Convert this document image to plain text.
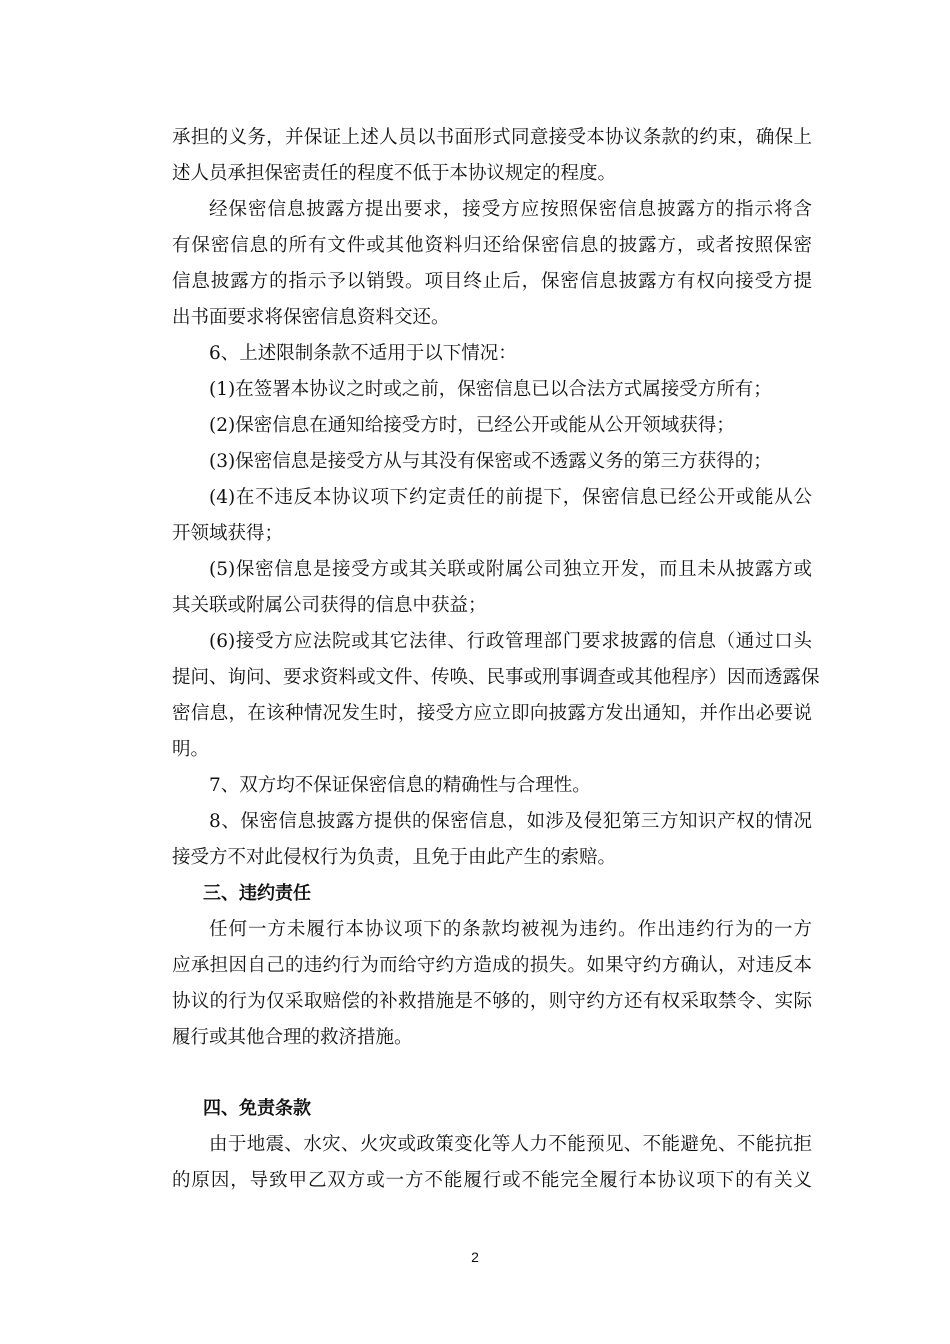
承担的义务，并保证上述人员以书面形式同意接受本协议条款的约束，确保上
述人员承担保密责任的程度不低于本协议规定的程度。
经保密信息披露方提出要求，接受方应按照保密信息披露方的指示将含
有保密信息的所有文件或其他资料归还给保密信息的披露方，或者按照保密
信息披露方的指示予以销毁。项目终止后，保密信息披露方有权向接受方提
出书面要求将保密信息资料交还。
6、上述限制条款不适用于以下情况：
(1)在签署本协议之时或之前，保密信息已以合法方式属接受方所有；
(2)保密信息在通知给接受方时，已经公开或能从公开领域获得；
(3)保密信息是接受方从与其没有保密或不透露义务的第三方获得的；
(4)在不违反本协议项下约定责任的前提下，保密信息已经公开或能从公
开领域获得；
(5)保密信息是接受方或其关联或附属公司独立开发，而且未从披露方或
其关联或附属公司获得的信息中获益；
(6)接受方应法院或其它法律、行政管理部门要求披露的信息（通过口头
提问、询问、要求资料或文件、传唤、民事或刑事调查或其他程序）因而透露保
密信息，在该种情况发生时，接受方应立即向披露方发出通知，并作出必要说
明。
7、双方均不保证保密信息的精确性与合理性。
8、保密信息披露方提供的保密信息，如涉及侵犯第三方知识产权的情况
接受方不对此侵权行为负责，且免于由此产生的索赔。
三、违约责任
任何一方未履行本协议项下的条款均被视为违约。作出违约行为的一方
应承担因自己的违约行为而给守约方造成的损失。如果守约方确认，对违反本
协议的行为仅采取赔偿的补救措施是不够的，则守约方还有权采取禁令、实际
履行或其他合理的救济措施。
四、免责条款
由于地震、水灾、火灾或政策变化等人力不能预见、不能避免、不能抗拒
的原因，导致甲乙双方或一方不能履行或不能完全履行本协议项下的有关义
2
